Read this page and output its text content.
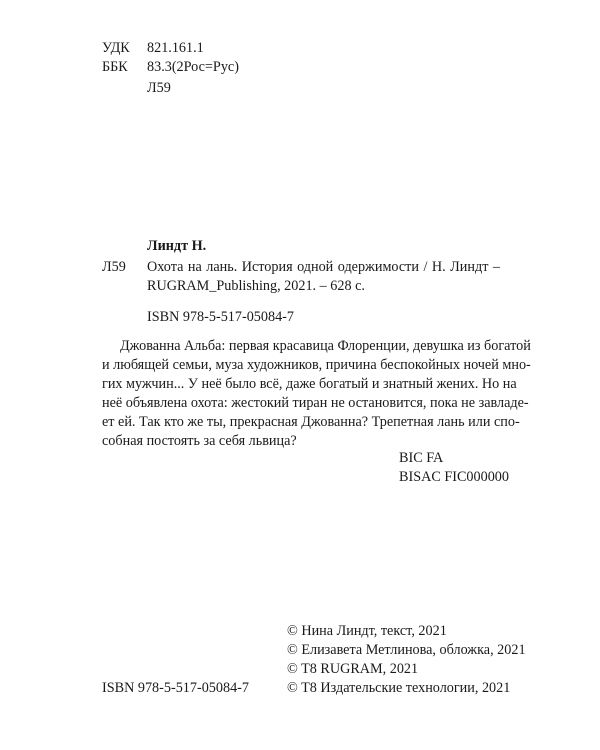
УДК 821.161.1
ББК 83.3(2Рос=Рус)
Л59
Линдт Н.
Л59 Охота на лань. История одной одержимости / Н. Линдт –
RUGRAM_Publishing, 2021. – 628 с.
ISBN 978-5-517-05084-7
Джованна Альба: первая красавица Флоренции, девушка из богатой
и любящей семьи, муза художников, причина беспокойных ночей мно-
гих мужчин... У неё было всё, даже богатый и знатный жених. Но на
неё объявлена охота: жестокий тиран не остановится, пока не завладе-
ет ей. Так кто же ты, прекрасная Джованна? Трепетная лань или спо-
собная постоять за себя львица?
BIC FA
BISAC FIC000000
© Нина Линдт, текст, 2021
© Елизавета Метлинова, обложка, 2021
© T8 RUGRAM, 2021
© T8 Издательские технологии, 2021
ISBN 978-5-517-05084-7
